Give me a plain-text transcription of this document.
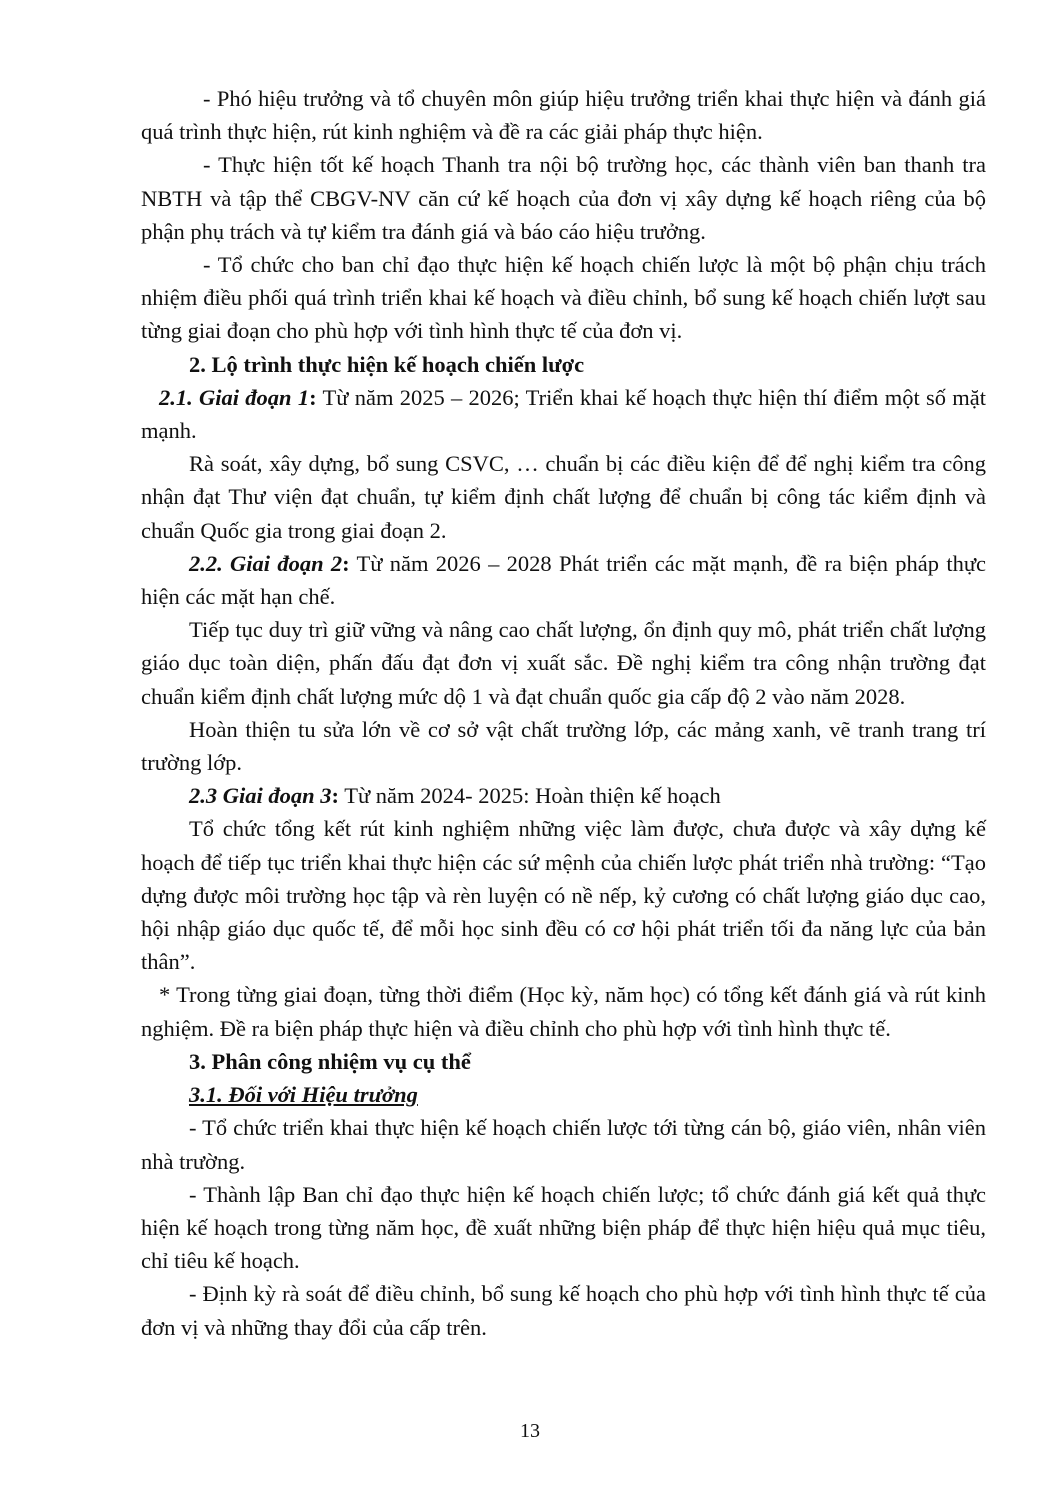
- Phó hiệu trưởng và tổ chuyên môn giúp hiệu trưởng triển khai thực hiện và đánh giá quá trình thực hiện, rút kinh nghiệm và đề ra các giải pháp thực hiện.

- Thực hiện tốt kế hoạch Thanh tra nội bộ trường học, các thành viên ban thanh tra NBTH và tập thể CBGV-NV căn cứ kế hoạch của đơn vị xây dựng kế hoạch riêng của bộ phận phụ trách và tự kiểm tra đánh giá và báo cáo hiệu trưởng.

- Tổ chức cho ban chỉ đạo thực hiện kế hoạch chiến lược là một bộ phận chịu trách nhiệm điều phối quá trình triển khai kế hoạch và điều chỉnh, bổ sung kế hoạch chiến lượt sau từng giai đoạn cho phù hợp với tình hình thực tế của đơn vị.

2. Lộ trình thực hiện kế hoạch chiến lược

2.1. Giai đoạn 1: Từ năm 2025 – 2026; Triển khai kế hoạch thực hiện thí điểm một số mặt mạnh.

Rà soát, xây dựng, bổ sung CSVC, … chuẩn bị các điều kiện để để nghị kiểm tra công nhận đạt Thư viện đạt chuẩn, tự kiểm định chất lượng để chuẩn bị công tác kiểm định và chuẩn Quốc gia trong giai đoạn 2.

2.2. Giai đoạn 2: Từ năm 2026 – 2028 Phát triển các mặt mạnh, đề ra biện pháp thực hiện các mặt hạn chế.

Tiếp tục duy trì giữ vững và nâng cao chất lượng, ổn định quy mô, phát triển chất lượng giáo dục toàn diện, phấn đấu đạt đơn vị xuất sắc. Đề nghị kiểm tra công nhận trường đạt chuẩn kiểm định chất lượng mức dộ 1 và đạt chuẩn quốc gia cấp độ 2 vào năm 2028.

Hoàn thiện tu sửa lớn về cơ sở vật chất trường lớp, các mảng xanh, vẽ tranh trang trí trường lớp.

2.3 Giai đoạn 3: Từ năm 2024- 2025: Hoàn thiện kế hoạch

Tổ chức tổng kết rút kinh nghiệm những việc làm được, chưa được và xây dựng kế hoạch để tiếp tục triển khai thực hiện các sứ mệnh của chiến lược phát triển nhà trường: “Tạo dựng được môi trường học tập và rèn luyện có nề nếp, kỷ cương có chất lượng giáo dục cao, hội nhập giáo dục quốc tế, để mỗi học sinh đều có cơ hội phát triển tối đa năng lực của bản thân”.

* Trong từng giai đoạn, từng thời điểm (Học kỳ, năm học) có tổng kết đánh giá và rút kinh nghiệm. Đề ra biện pháp thực hiện và điều chỉnh cho phù hợp với tình hình thực tế.

3. Phân công nhiệm vụ cụ thể

3.1. Đối với Hiệu trưởng

- Tổ chức triển khai thực hiện kế hoạch chiến lược tới từng cán bộ, giáo viên, nhân viên nhà trường.

- Thành lập Ban chỉ đạo thực hiện kế hoạch chiến lược; tổ chức đánh giá kết quả thực hiện kế hoạch trong từng năm học, đề xuất những biện pháp để thực hiện hiệu quả mục tiêu, chỉ tiêu kế hoạch.

- Định kỳ rà soát để điều chỉnh, bổ sung kế hoạch cho phù hợp với tình hình thực tế của đơn vị và những thay đổi của cấp trên.

13
